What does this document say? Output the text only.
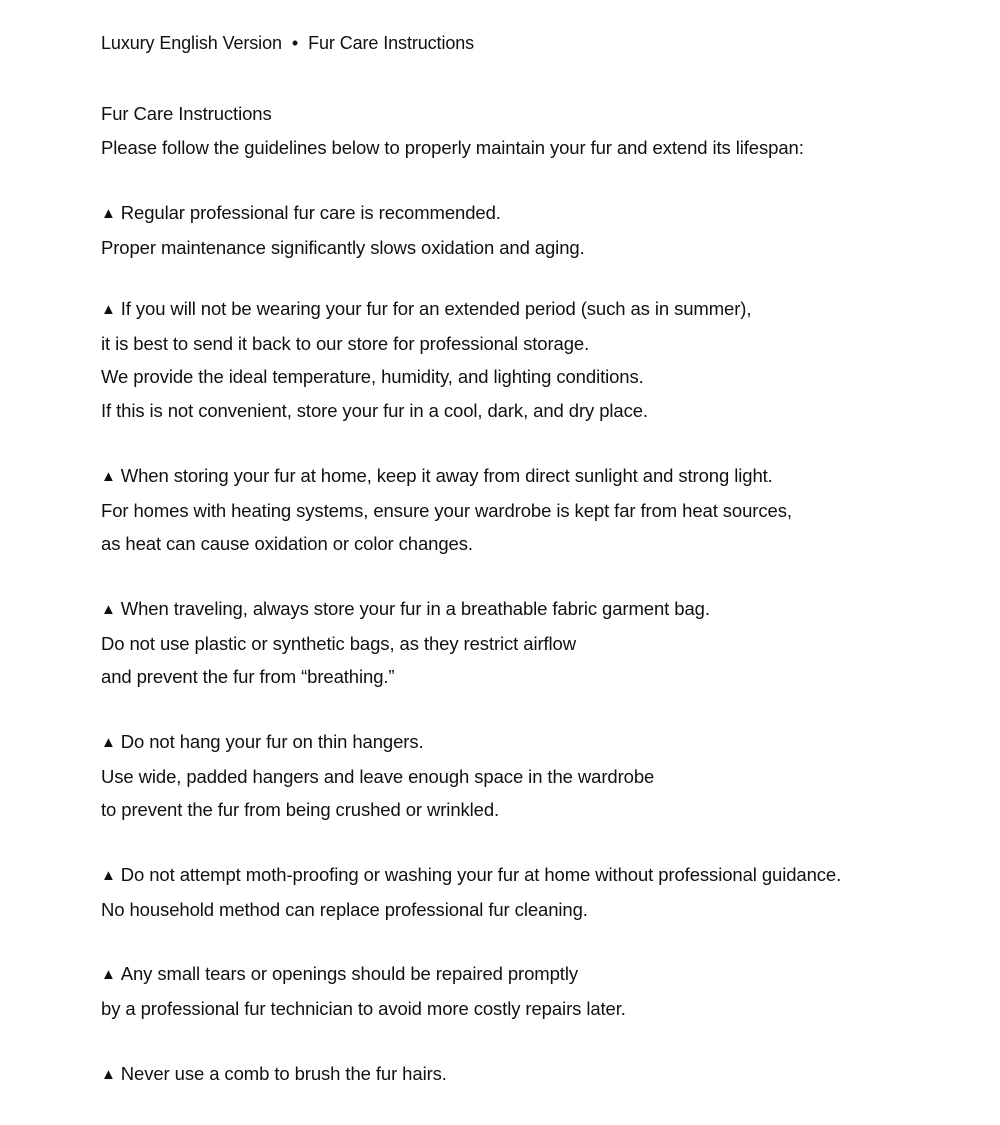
Luxury English Version • Fur Care Instructions
Fur Care Instructions
Please follow the guidelines below to properly maintain your fur and extend its lifespan:
▲ Regular professional fur care is recommended.
Proper maintenance significantly slows oxidation and aging.
▲ If you will not be wearing your fur for an extended period (such as in summer),
it is best to send it back to our store for professional storage.
We provide the ideal temperature, humidity, and lighting conditions.
If this is not convenient, store your fur in a cool, dark, and dry place.
▲ When storing your fur at home, keep it away from direct sunlight and strong light.
For homes with heating systems, ensure your wardrobe is kept far from heat sources,
as heat can cause oxidation or color changes.
▲ When traveling, always store your fur in a breathable fabric garment bag.
Do not use plastic or synthetic bags, as they restrict airflow
and prevent the fur from “breathing.”
▲ Do not hang your fur on thin hangers.
Use wide, padded hangers and leave enough space in the wardrobe
to prevent the fur from being crushed or wrinkled.
▲ Do not attempt moth-proofing or washing your fur at home without professional guidance.
No household method can replace professional fur cleaning.
▲ Any small tears or openings should be repaired promptly
by a professional fur technician to avoid more costly repairs later.
▲ Never use a comb to brush the fur hairs.
